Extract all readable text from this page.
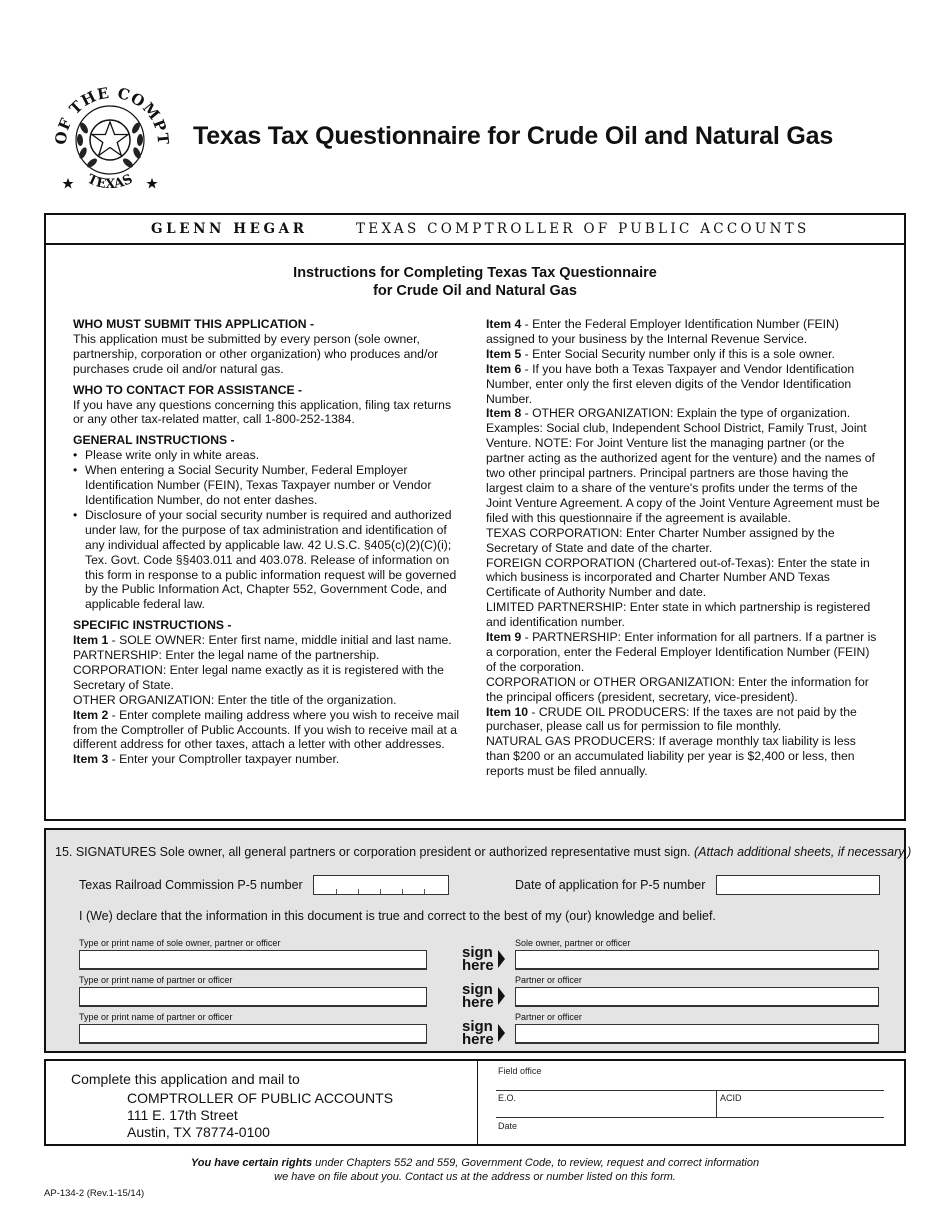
OF THE COMPT
TEXAS
Texas Tax Questionnaire for Crude Oil and Natural Gas
GLENN HEGAR	TEXAS COMPTROLLER OF PUBLIC ACCOUNTS
Instructions for Completing Texas Tax Questionnaire
for Crude Oil and Natural Gas
WHO MUST SUBMIT THIS APPLICATION -
This application must be submitted by every person (sole owner, partnership, corporation or other organization) who produces and/or purchases crude oil and/or natural gas.
WHO TO CONTACT FOR ASSISTANCE -
If you have any questions concerning this application, filing tax returns or any other tax-related matter, call 1-800-252-1384.
GENERAL INSTRUCTIONS -
• Please write only in white areas.
• When entering a Social Security Number, Federal Employer Identification Number (FEIN), Texas Taxpayer number or Vendor Identification Number, do not enter dashes.
• Disclosure of your social security number is required and authorized under law, for the purpose of tax administration and identification of any individual affected by applicable law. 42 U.S.C. §405(c)(2)(C)(i); Tex. Govt. Code §§403.011 and 403.078. Release of information on this form in response to a public information request will be governed by the Public Information Act, Chapter 552, Government Code, and applicable federal law.
SPECIFIC INSTRUCTIONS -
Item 1 - SOLE OWNER: Enter first name, middle initial and last name.
PARTNERSHIP: Enter the legal name of the partnership.
CORPORATION: Enter legal name exactly as it is registered with the Secretary of State.
OTHER ORGANIZATION: Enter the title of the organization.
Item 2 - Enter complete mailing address where you wish to receive mail from the Comptroller of Public Accounts. If you wish to receive mail at a different address for other taxes, attach a letter with other addresses.
Item 3 - Enter your Comptroller taxpayer number.
Item 4 - Enter the Federal Employer Identification Number (FEIN) assigned to your business by the Internal Revenue Service.
Item 5 - Enter Social Security number only if this is a sole owner.
Item 6 - If you have both a Texas Taxpayer and Vendor Identification Number, enter only the first eleven digits of the Vendor Identification Number.
Item 8 - OTHER ORGANIZATION: Explain the type of organization. Examples: Social club, Independent School District, Family Trust, Joint Venture. NOTE: For Joint Venture list the managing partner (or the partner acting as the authorized agent for the venture) and the names of two other principal partners. Principal partners are those having the largest claim to a share of the venture's profits under the terms of the Joint Venture Agreement. A copy of the Joint Venture Agreement must be filed with this questionnaire if the agreement is available.
TEXAS CORPORATION: Enter Charter Number assigned by the Secretary of State and date of the charter.
FOREIGN CORPORATION (Chartered out-of-Texas): Enter the state in which business is incorporated and Charter Number AND Texas Certificate of Authority Number and date.
LIMITED PARTNERSHIP: Enter state in which partnership is registered and identification number.
Item 9 - PARTNERSHIP: Enter information for all partners. If a partner is a corporation, enter the Federal Employer Identification Number (FEIN) of the corporation.
CORPORATION or OTHER ORGANIZATION: Enter the information for the principal officers (president, secretary, vice-president).
Item 10 - CRUDE OIL PRODUCERS: If the taxes are not paid by the purchaser, please call us for permission to file monthly.
NATURAL GAS PRODUCERS: If average monthly tax liability is less than $200 or an accumulated liability per year is $2,400 or less, then reports must be filed annually.
15. SIGNATURES Sole owner, all general partners or corporation president or authorized representative must sign. (Attach additional sheets, if necessary.)
Texas Railroad Commission P-5 number	Date of application for P-5 number
I (We) declare that the information in this document is true and correct to the best of my (our) knowledge and belief.
Type or print name of sole owner, partner or officer
sign
here
Sole owner, partner or officer
Type or print name of partner or officer
sign
here
Partner or officer
Type or print name of partner or officer
sign
here
Partner or officer
Complete this application and mail to
COMPTROLLER OF PUBLIC ACCOUNTS
111 E. 17th Street
Austin, TX 78774-0100
Field office
E.O.	ACID
Date
You have certain rights under Chapters 552 and 559, Government Code, to review, request and correct information
we have on file about you. Contact us at the address or number listed on this form.
AP-134-2 (Rev.1-15/14)
